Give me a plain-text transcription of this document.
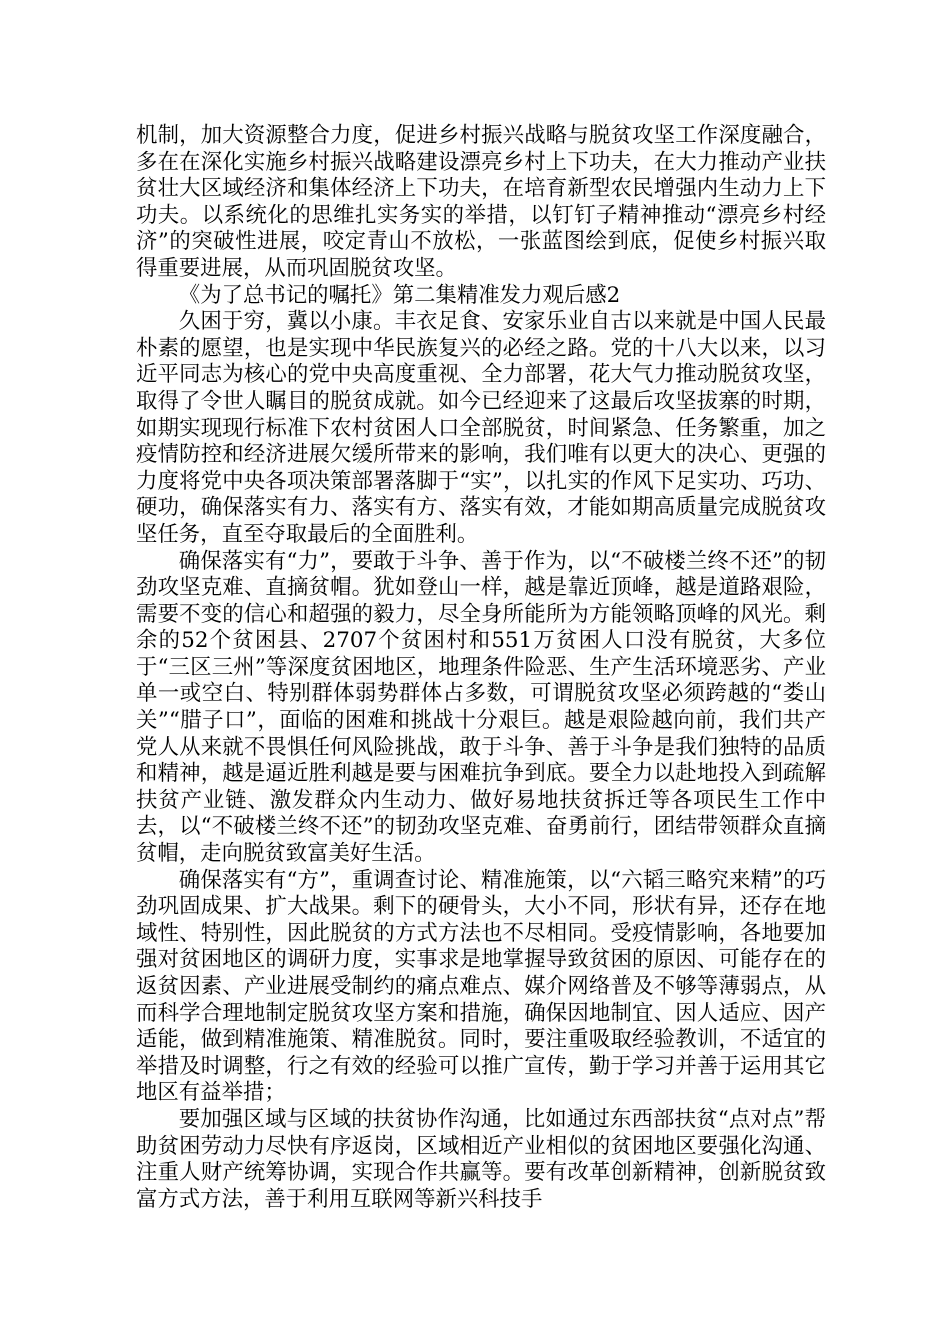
机制，加大资源整合力度，促进乡村振兴战略与脱贫攻坚工作深度融合，多在在深化实施乡村振兴战略建设漂亮乡村上下功夫，在大力推动产业扶贫壮大区域经济和集体经济上下功夫，在培育新型农民增强内生动力上下功夫。以系统化的思维扎实务实的举措，以钉钉子精神推动“漂亮乡村经济”的突破性进展，咬定青山不放松，一张蓝图绘到底，促使乡村振兴取得重要进展，从而巩固脱贫攻坚。

《为了总书记的嘱托》第二集精准发力观后感2

久困于穷，冀以小康。丰衣足食、安家乐业自古以来就是中国人民最朴素的愿望，也是实现中华民族复兴的必经之路。党的十八大以来，以习近平同志为核心的党中央高度重视、全力部署，花大气力推动脱贫攻坚，取得了令世人瞩目的脱贫成就。如今已经迎来了这最后攻坚拔寨的时期，如期实现现行标准下农村贫困人口全部脱贫，时间紧急、任务繁重，加之疫情防控和经济进展欠缓所带来的影响，我们唯有以更大的决心、更强的力度将党中央各项决策部署落脚于“实”，以扎实的作风下足实功、巧功、硬功，确保落实有力、落实有方、落实有效，才能如期高质量完成脱贫攻坚任务，直至夺取最后的全面胜利。

确保落实有“力”，要敢于斗争、善于作为，以“不破楼兰终不还”的韧劲攻坚克难、直摘贫帽。犹如登山一样，越是靠近顶峰，越是道路艰险，需要不变的信心和超强的毅力，尽全身所能所为方能领略顶峰的风光。剩余的52个贫困县、2707个贫困村和551万贫困人口没有脱贫，大多位于“三区三州”等深度贫困地区，地理条件险恶、生产生活环境恶劣、产业单一或空白、特别群体弱势群体占多数，可谓脱贫攻坚必须跨越的“娄山关”“腊子口”，面临的困难和挑战十分艰巨。越是艰险越向前，我们共产党人从来就不畏惧任何风险挑战，敢于斗争、善于斗争是我们独特的品质和精神，越是逼近胜利越是要与困难抗争到底。要全力以赴地投入到疏解扶贫产业链、激发群众内生动力、做好易地扶贫拆迁等各项民生工作中去，以“不破楼兰终不还”的韧劲攻坚克难、奋勇前行，团结带领群众直摘贫帽，走向脱贫致富美好生活。

确保落实有“方”，重调查讨论、精准施策，以“六韬三略究来精”的巧劲巩固成果、扩大战果。剩下的硬骨头，大小不同，形状有异，还存在地域性、特别性，因此脱贫的方式方法也不尽相同。受疫情影响，各地要加强对贫困地区的调研力度，实事求是地掌握导致贫困的原因、可能存在的返贫因素、产业进展受制约的痛点难点、媒介网络普及不够等薄弱点，从而科学合理地制定脱贫攻坚方案和措施，确保因地制宜、因人适应、因产适能，做到精准施策、精准脱贫。同时，要注重吸取经验教训，不适宜的举措及时调整，行之有效的经验可以推广宣传，勤于学习并善于运用其它地区有益举措；

要加强区域与区域的扶贫协作沟通，比如通过东西部扶贫“点对点”帮助贫困劳动力尽快有序返岗，区域相近产业相似的贫困地区要强化沟通、注重人财产统筹协调，实现合作共赢等。要有改革创新精神，创新脱贫致富方式方法，善于利用互联网等新兴科技手
